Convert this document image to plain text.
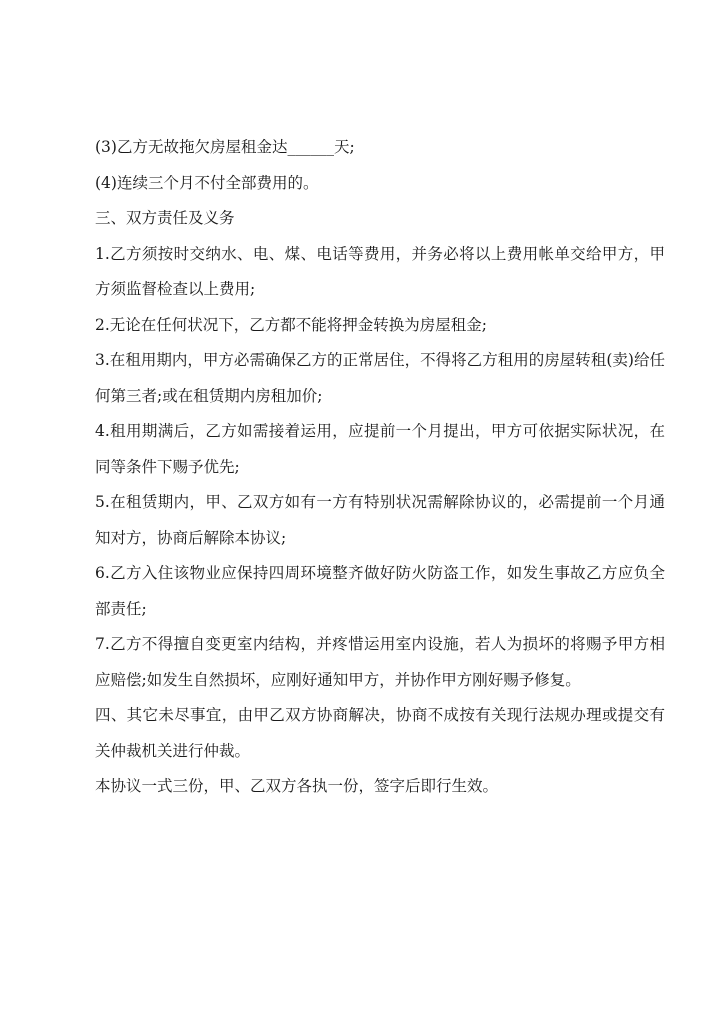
(3)乙方无故拖欠房屋租金达______天;

(4)连续三个月不付全部费用的。

三、双方责任及义务

1.乙方须按时交纳水、电、煤、电话等费用，并务必将以上费用帐单交给甲方，甲方须监督检查以上费用;

2.无论在任何状况下，乙方都不能将押金转换为房屋租金;

3.在租用期内，甲方必需确保乙方的正常居住，不得将乙方租用的房屋转租(卖)给任何第三者;或在租赁期内房租加价;

4.租用期满后，乙方如需接着运用，应提前一个月提出，甲方可依据实际状况，在同等条件下赐予优先;

5.在租赁期内，甲、乙双方如有一方有特别状况需解除协议的，必需提前一个月通知对方，协商后解除本协议;

6.乙方入住该物业应保持四周环境整齐做好防火防盗工作，如发生事故乙方应负全部责任;

7.乙方不得擅自变更室内结构，并疼惜运用室内设施，若人为损坏的将赐予甲方相应赔偿;如发生自然损坏，应刚好通知甲方，并协作甲方刚好赐予修复。

四、其它未尽事宜，由甲乙双方协商解决，协商不成按有关现行法规办理或提交有关仲裁机关进行仲裁。

本协议一式三份，甲、乙双方各执一份，签字后即行生效。
